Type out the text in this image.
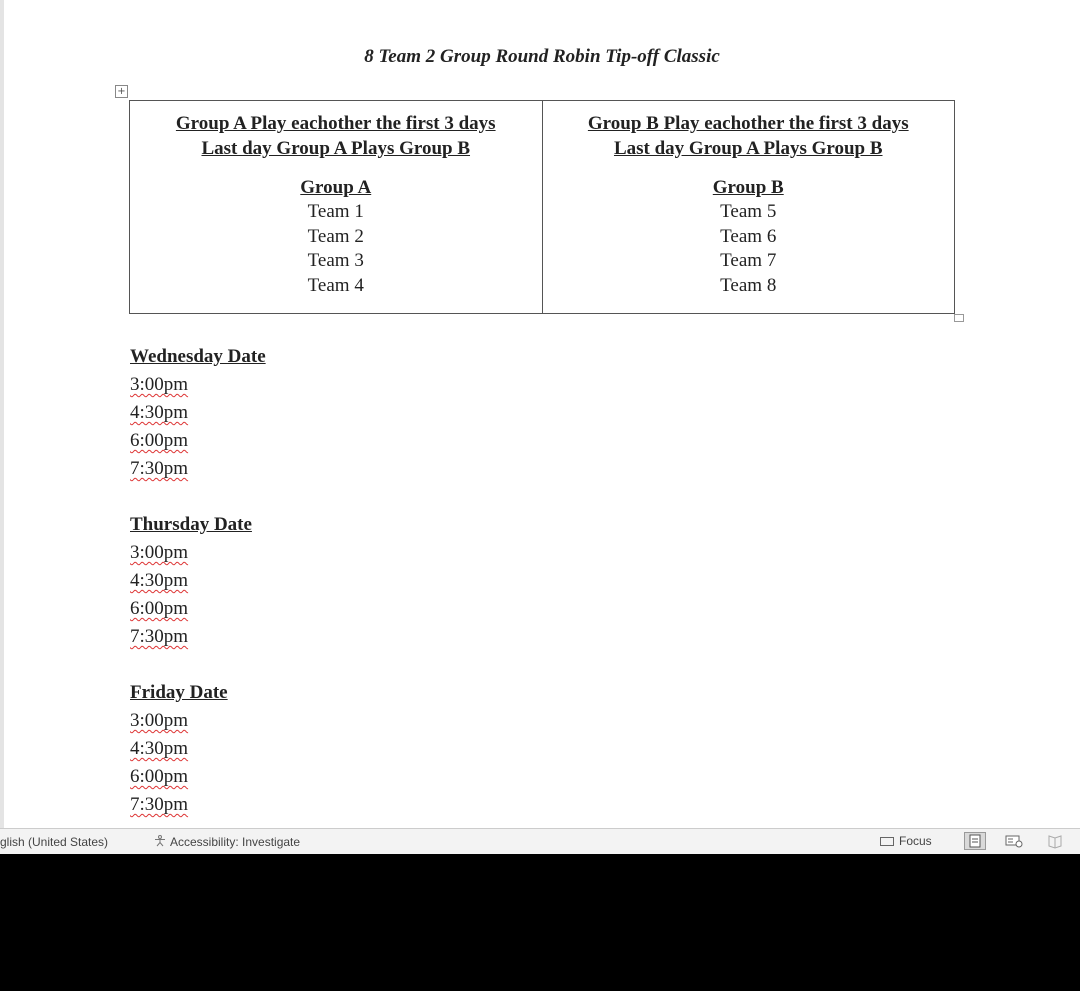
8 Team 2 Group Round Robin Tip-off Classic
+
Group A Play eachother the first 3 days
Last day Group A Plays Group B
Group A
Team 1
Team 2
Team 3
Team 4

Group B Play eachother the first 3 days
Last day Group A Plays Group B
Group B
Team 5
Team 6
Team 7
Team 8
Wednesday Date
3:00pm
4:30pm
6:00pm
7:30pm
Thursday Date
3:00pm
4:30pm
6:00pm
7:30pm
Friday Date
3:00pm
4:30pm
6:00pm
7:30pm
glish (United States)	Accessibility: Investigate	Focus
